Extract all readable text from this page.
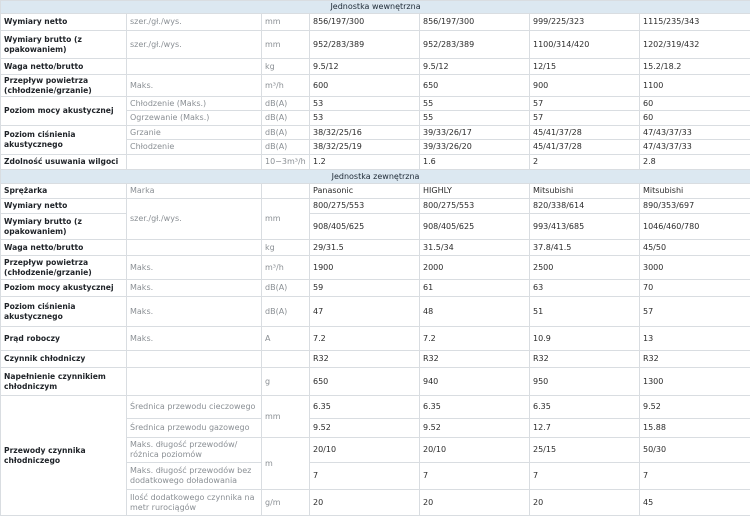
Jednostka wewnętrzna						
Wymiary netto	szer./gł./wys.	mm	856/197/300	856/197/300	999/225/323	1115/235/343
Wymiary brutto (z opakowaniem)	szer./gł./wys.	mm	952/283/389	952/283/389	1100/314/420	1202/319/432
Waga netto/brutto		kg	9.5/12	9.5/12	12/15	15.2/18.2
Przepływ powietrza (chłodzenie/grzanie)	Maks.	m³/h	600	650	900	1100
Poziom mocy akustycznej	Chłodzenie (Maks.)	dB(A)	53	55	57	60
	Ogrzewanie (Maks.)	dB(A)	53	55	57	60
Poziom ciśnienia akustycznego	Grzanie	dB(A)	38/32/25/16	39/33/26/17	45/41/37/28	47/43/37/33
	Chłodzenie	dB(A)	38/32/25/19	39/33/26/20	45/41/37/28	47/43/37/33
Zdolność usuwania wilgoci		10−3m³/h	1.2	1.6	2	2.8
Jednostka zewnętrzna						
Sprężarka	Marka		Panasonic	HIGHLY	Mitsubishi	Mitsubishi
Wymiary netto	szer./gł./wys.	mm	800/275/553	800/275/553	820/338/614	890/353/697
Wymiary brutto (z opakowaniem)			908/405/625	908/405/625	993/413/685	1046/460/780
Waga netto/brutto		kg	29/31.5	31.5/34	37.8/41.5	45/50
Przepływ powietrza (chłodzenie/grzanie)	Maks.	m³/h	1900	2000	2500	3000
Poziom mocy akustycznej	Maks.	dB(A)	59	61	63	70
Poziom ciśnienia akustycznego	Maks.	dB(A)	47	48	51	57
Prąd roboczy	Maks.	A	7.2	7.2	10.9	13
Czynnik chłodniczy			R32	R32	R32	R32
Napełnienie czynnikiem chłodniczym		g	650	940	950	1300
Przewody czynnika chłodniczego	Średnica przewodu cieczowego	mm	6.35	6.35	6.35	9.52
	Średnica przewodu gazowego		9.52	9.52	12.7	15.88
	Maks. długość przewodów/ różnica poziomów	m	20/10	20/10	25/15	50/30
	Maks. długość przewodów bez dodatkowego doładowania		7	7	7	7
	Ilość dodatkowego czynnika na metr rurociągów	g/m	20	20	20	45
